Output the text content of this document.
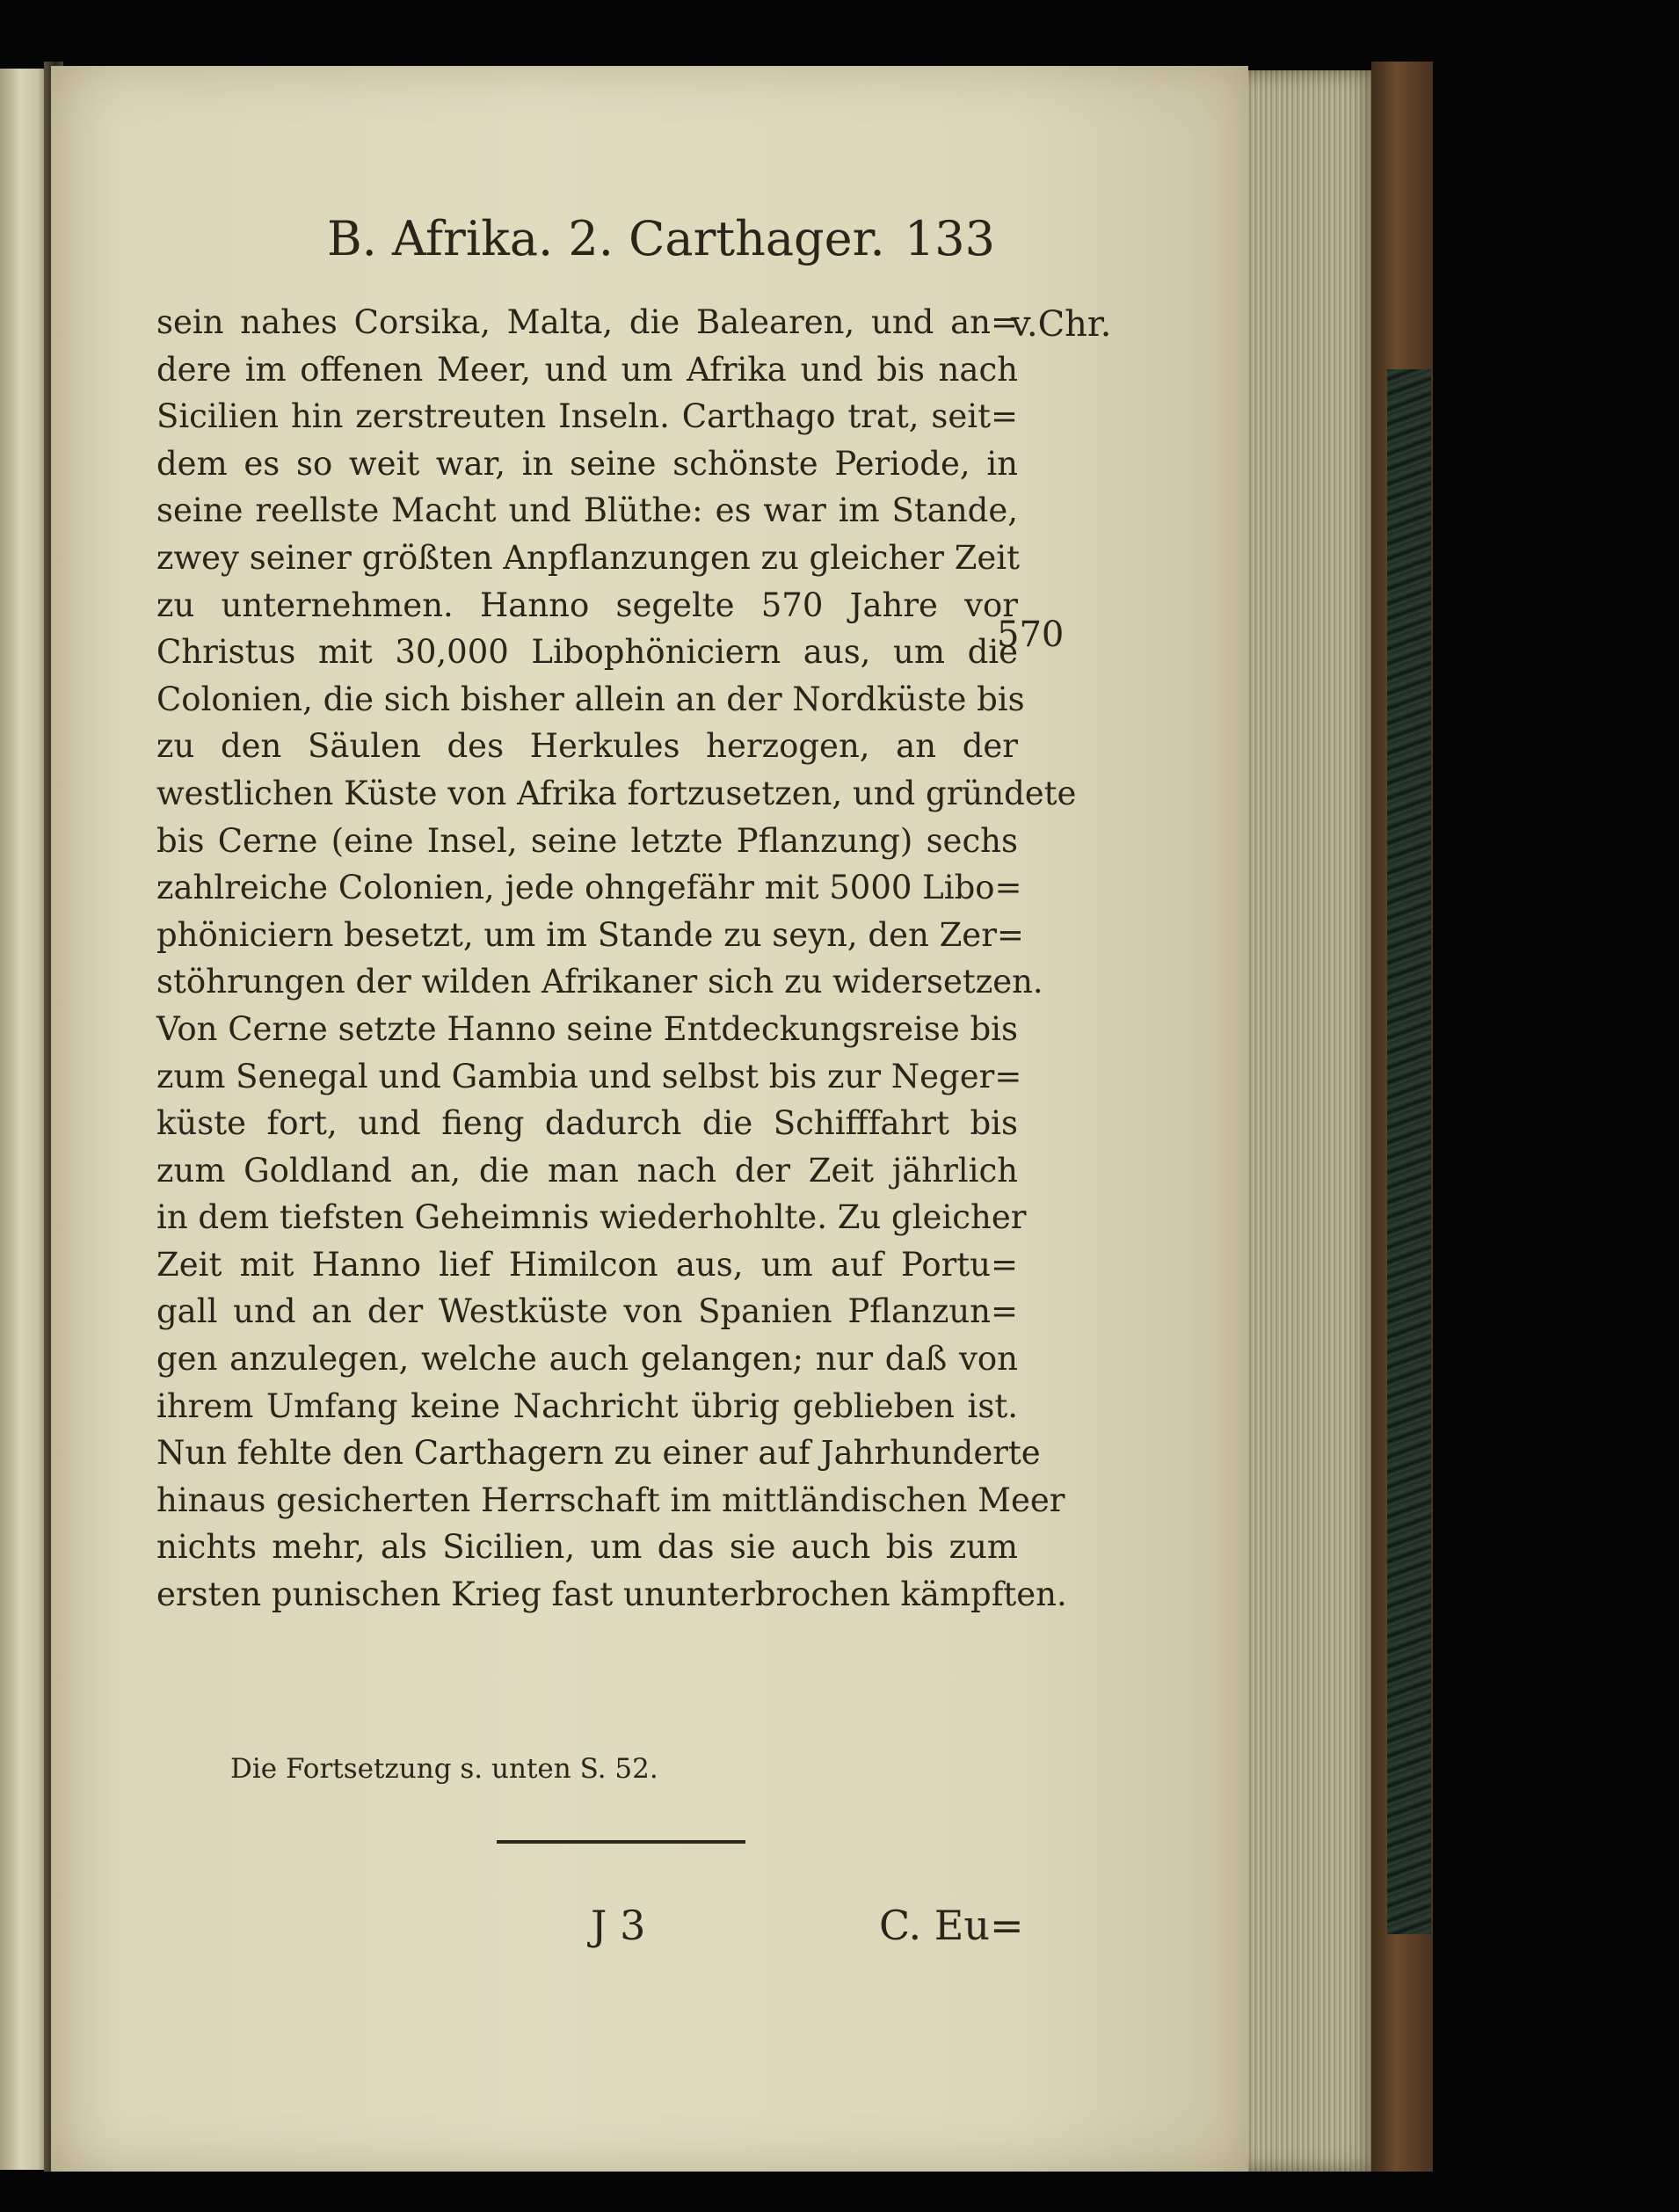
B. Afrika. 2. Carthager. 133
sein nahes Corsika, Malta, die Balearen, und an=
dere im offenen Meer, und um Afrika und bis nach
Sicilien hin zerstreuten Inseln. Carthago trat, seit=
dem es so weit war, in seine schönste Periode, in
seine reellste Macht und Blüthe: es war im Stande,
zwey seiner größten Anpflanzungen zu gleicher Zeit
zu unternehmen. Hanno segelte 570 Jahre vor
Christus mit 30,000 Libophöniciern aus, um die
Colonien, die sich bisher allein an der Nordküste bis
zu den Säulen des Herkules herzogen, an der
westlichen Küste von Afrika fortzusetzen, und gründete
bis Cerne (eine Insel, seine letzte Pflanzung) sechs
zahlreiche Colonien, jede ohngefähr mit 5000 Libo=
phöniciern besetzt, um im Stande zu seyn, den Zer=
stöhrungen der wilden Afrikaner sich zu widersetzen.
Von Cerne setzte Hanno seine Entdeckungsreise bis
zum Senegal und Gambia und selbst bis zur Neger=
küste fort, und fieng dadurch die Schifffahrt bis
zum Goldland an, die man nach der Zeit jährlich
in dem tiefsten Geheimnis wiederhohlte. Zu gleicher
Zeit mit Hanno lief Himilcon aus, um auf Portu=
gall und an der Westküste von Spanien Pflanzun=
gen anzulegen, welche auch gelangen; nur daß von
ihrem Umfang keine Nachricht übrig geblieben ist.
Nun fehlte den Carthagern zu einer auf Jahrhunderte
hinaus gesicherten Herrschaft im mittländischen Meer
nichts mehr, als Sicilien, um das sie auch bis zum
ersten punischen Krieg fast ununterbrochen kämpften.
v.Chr.
570
Die Fortsetzung s. unten S. 52.
J 3	C. Eu=
